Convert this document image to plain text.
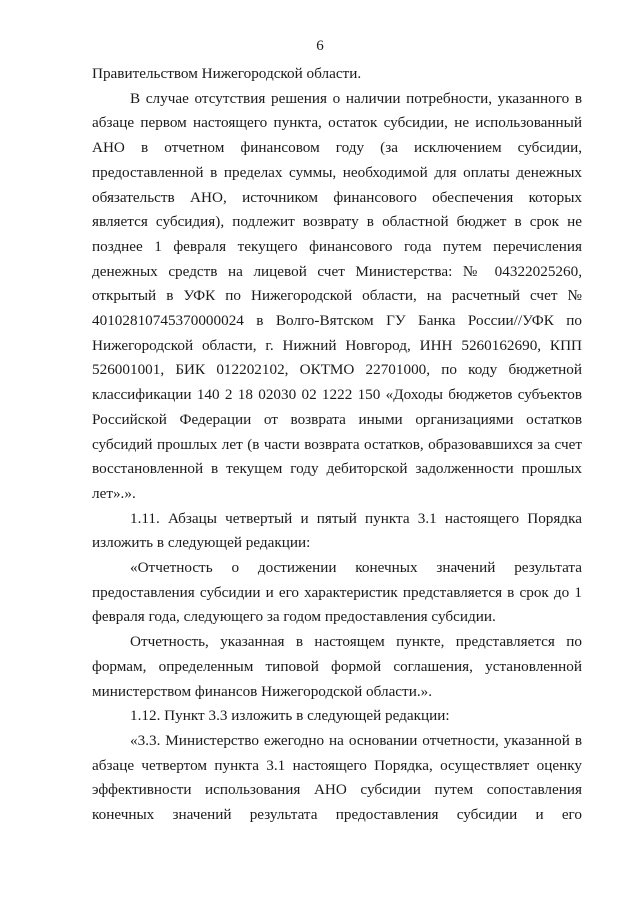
6

Правительством Нижегородской области.

В случае отсутствия решения о наличии потребности, указанного в абзаце первом настоящего пункта, остаток субсидии, не использованный АНО в отчетном финансовом году (за исключением субсидии, предоставленной в пределах суммы, необходимой для оплаты денежных обязательств АНО, источником финансового обеспечения которых является субсидия), подлежит возврату в областной бюджет в срок не позднее 1 февраля текущего финансового года путем перечисления денежных средств на лицевой счет Министерства: № 04322025260, открытый в УФК по Нижегородской области, на расчетный счет № 40102810745370000024 в Волго-Вятском ГУ Банка России//УФК по Нижегородской области, г. Нижний Новгород, ИНН 5260162690, КПП 526001001, БИК 012202102, ОКТМО 22701000, по коду бюджетной классификации 140 2 18 02030 02 1222 150 «Доходы бюджетов субъектов Российской Федерации от возврата иными организациями остатков субсидий прошлых лет (в части возврата остатков, образовавшихся за счет восстановленной в текущем году дебиторской задолженности прошлых лет».».

1.11. Абзацы четвертый и пятый пункта 3.1 настоящего Порядка изложить в следующей редакции:

«Отчетность о достижении конечных значений результата предоставления субсидии и его характеристик представляется в срок до 1 февраля года, следующего за годом предоставления субсидии.

Отчетность, указанная в настоящем пункте, представляется по формам, определенным типовой формой соглашения, установленной министерством финансов Нижегородской области.».

1.12. Пункт 3.3 изложить в следующей редакции:

«3.3. Министерство ежегодно на основании отчетности, указанной в абзаце четвертом пункта 3.1 настоящего Порядка, осуществляет оценку эффективности использования АНО субсидии путем сопоставления конечных значений результата предоставления субсидии и его
